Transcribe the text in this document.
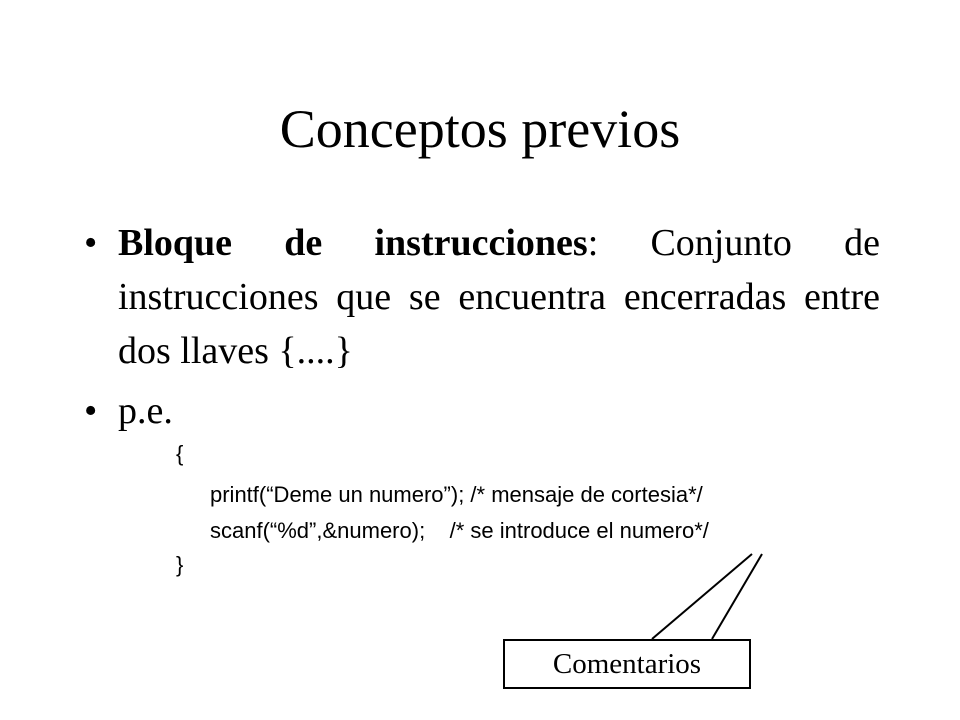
Conceptos previos
• Bloque de instrucciones: Conjunto de instrucciones que se encuentra encerradas entre dos llaves {....}
• p.e.
{
printf(“Deme un numero”); /* mensaje de cortesia*/
scanf(“%d”,&numero);    /* se introduce el numero*/
}
Comentarios
